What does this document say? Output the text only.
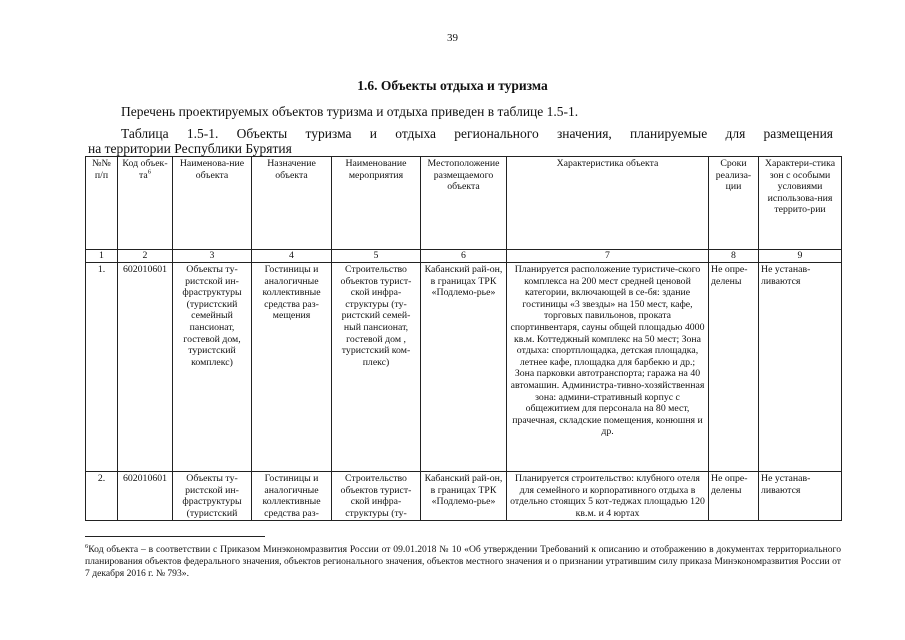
39
1.6. Объекты отдыха и туризма
Перечень проектируемых объектов туризма и отдыха приведен в таблице 1.5-1.
Таблица 1.5-1. Объекты туризма и отдыха регионального значения, планируемые для размещения
на территории Республики Бурятия
№№ п/п	Код объек-$та^6$	Наименова-ние объекта	Назначение объекта	Наименование мероприятия	Местоположение размещаемого объекта	Характеристика объекта	Сроки реализа-ции	Характери-стика зон с особыми условиями использова-ния террито-рии
1	2	3	4	5	6	7	8	9
1.	602010601	Объекты ту-ристской ин-фраструктуры (туристский семейный пансионат, гостевой дом, туристский комплекс)	Гостиницы и аналогичные коллективные средства раз-мещения	Строительство объектов турист-ской инфра-структуры (ту-ристский семей-ный пансионат, гостевой дом , туристский ком-плекс)	Кабанский рай-он, в границах ТРК «Подлемо-рье»	Планируется расположение туристиче-ского комплекса на 200 мест средней ценовой категории, включающей в се-бя: здание гостиницы «3 звезды» на 150 мест, кафе, торговых павильонов, проката спортинвентаря, сауны общей площадью 4000 кв.м. Коттеджный комплекс на 50 мест; Зона отдыха: спортплощадка, детская площадка, летнее кафе, площадка для барбекю и др.; Зона парковки автотранспорта; гаража на 40 автомашин. Администра-тивно-хозяйственная зона: админи-стративный корпус с общежитием для персонала на 80 мест, прачечная, складские помещения, конюшня и др.	Не опре-делены	Не устанав-ливаются
2.	602010601	Объекты ту-ристской ин-фраструктуры (туристский	Гостиницы и аналогичные коллективные средства раз-	Строительство объектов турист-ской инфра-структуры (ту-	Кабанский рай-он, в границах ТРК «Подлемо-рье»	Планируется строительство: клубного отеля для семейного и корпоративного отдыха в отдельно стоящих 5 кот-теджах площадью 120 кв.м. и 4 юртах	Не опре-делены	Не устанав-ливаются
$^6$Код объекта – в соответствии с Приказом Минэкономразвития России от 09.01.2018 № 10 «Об утверждении Требований к описанию и отображению в документах территориального планирования объектов федерального значения, объектов регионального значения, объектов местного значения и о признании утратившим силу приказа Минэкономразвития России от 7 декабря 2016 г. № 793».
